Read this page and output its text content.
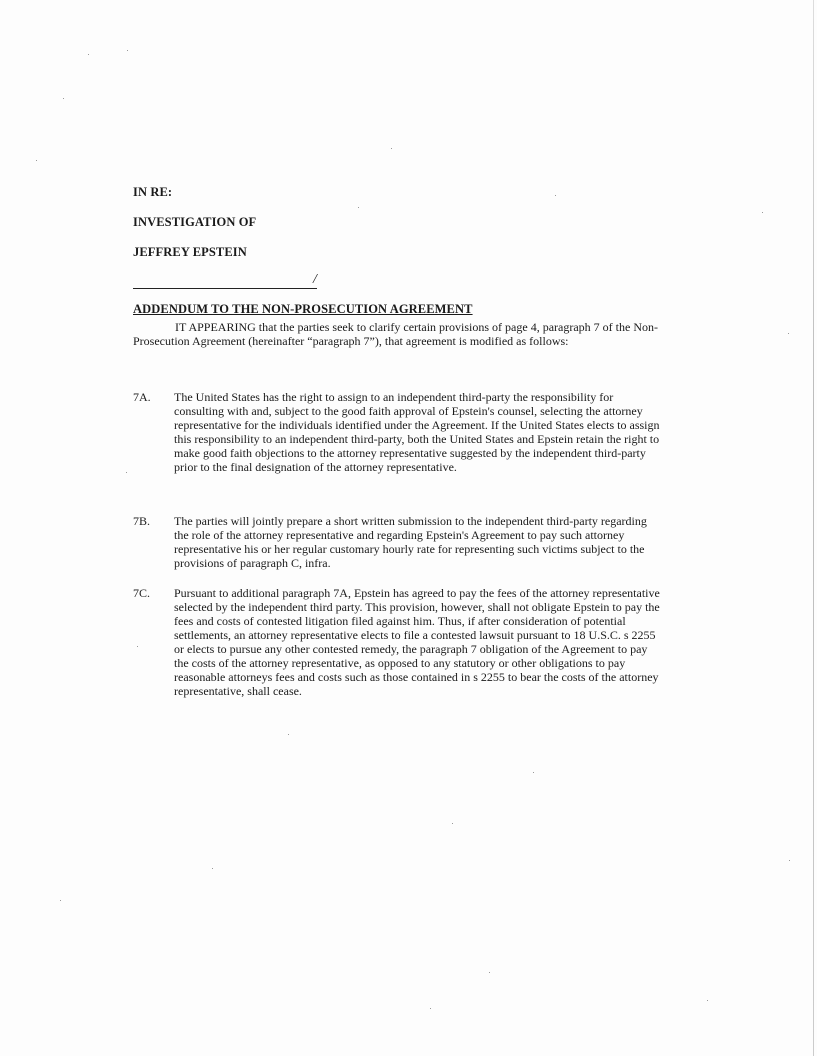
IN RE:
INVESTIGATION OF
JEFFREY EPSTEIN
/
ADDENDUM TO THE NON-PROSECUTION AGREEMENT

IT APPEARING that the parties seek to clarify certain provisions of page 4, paragraph 7 of the Non-Prosecution Agreement (hereinafter “paragraph 7”), that agreement is modified as follows:

7A. The United States has the right to assign to an independent third-party the responsibility for consulting with and, subject to the good faith approval of Epstein's counsel, selecting the attorney representative for the individuals identified under the Agreement. If the United States elects to assign this responsibility to an independent third-party, both the United States and Epstein retain the right to make good faith objections to the attorney representative suggested by the independent third-party prior to the final designation of the attorney representative.

7B. The parties will jointly prepare a short written submission to the independent third-party regarding the role of the attorney representative and regarding Epstein's Agreement to pay such attorney representative his or her regular customary hourly rate for representing such victims subject to the provisions of paragraph C, infra.

7C. Pursuant to additional paragraph 7A, Epstein has agreed to pay the fees of the attorney representative selected by the independent third party. This provision, however, shall not obligate Epstein to pay the fees and costs of contested litigation filed against him. Thus, if after consideration of potential settlements, an attorney representative elects to file a contested lawsuit pursuant to 18 U.S.C. s 2255 or elects to pursue any other contested remedy, the paragraph 7 obligation of the Agreement to pay the costs of the attorney representative, as opposed to any statutory or other obligations to pay reasonable attorneys fees and costs such as those contained in s 2255 to bear the costs of the attorney representative, shall cease.
